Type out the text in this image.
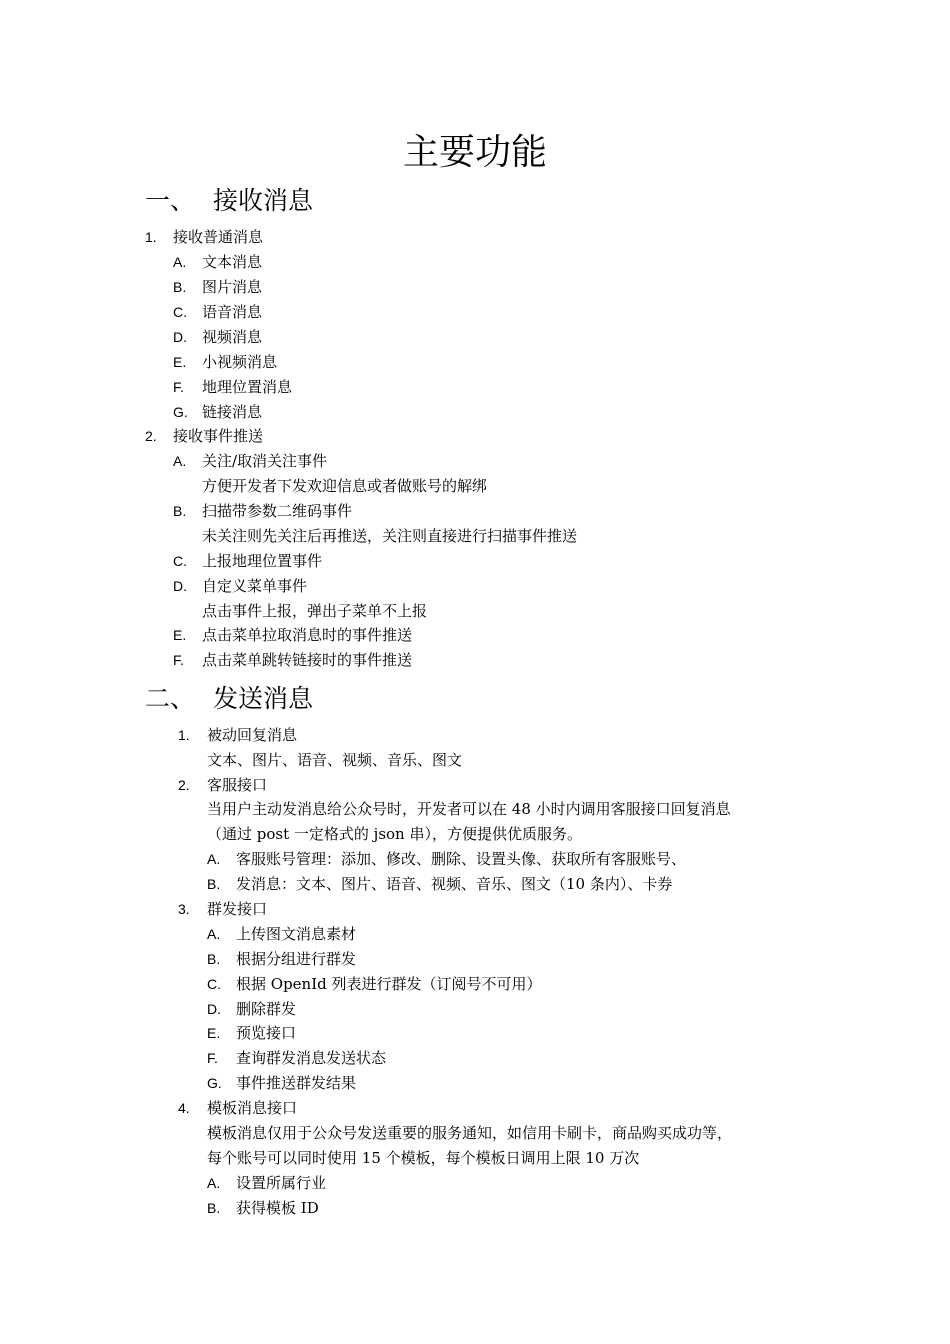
主要功能
一、 接收消息
1. 接收普通消息
A. 文本消息
B. 图片消息
C. 语音消息
D. 视频消息
E. 小视频消息
F. 地理位置消息
G. 链接消息
2. 接收事件推送
A. 关注/取消关注事件
方便开发者下发欢迎信息或者做账号的解绑
B. 扫描带参数二维码事件
未关注则先关注后再推送，关注则直接进行扫描事件推送
C. 上报地理位置事件
D. 自定义菜单事件
点击事件上报，弹出子菜单不上报
E. 点击菜单拉取消息时的事件推送
F. 点击菜单跳转链接时的事件推送
二、 发送消息
1. 被动回复消息
文本、图片、语音、视频、音乐、图文
2. 客服接口
当用户主动发消息给公众号时，开发者可以在 48 小时内调用客服接口回复消息
（通过 post 一定格式的 json 串），方便提供优质服务。
A. 客服账号管理：添加、修改、删除、设置头像、获取所有客服账号、
B. 发消息：文本、图片、语音、视频、音乐、图文（10 条内）、卡券
3. 群发接口
A. 上传图文消息素材
B. 根据分组进行群发
C. 根据 OpenId 列表进行群发（订阅号不可用）
D. 删除群发
E. 预览接口
F. 查询群发消息发送状态
G. 事件推送群发结果
4. 模板消息接口
模板消息仅用于公众号发送重要的服务通知，如信用卡刷卡，商品购买成功等，
每个账号可以同时使用 15 个模板，每个模板日调用上限 10 万次
A. 设置所属行业
B. 获得模板 ID
